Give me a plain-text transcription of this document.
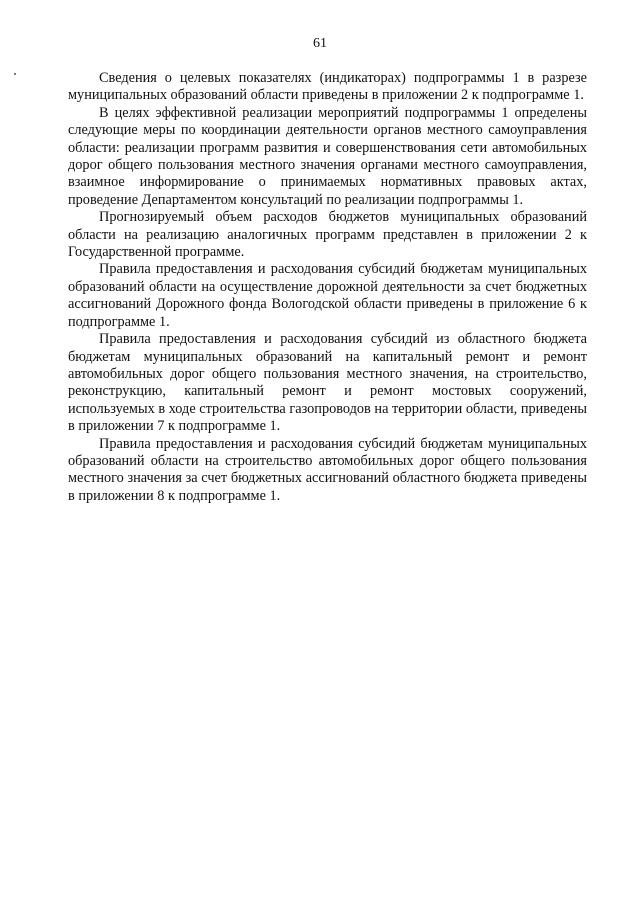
61

Сведения о целевых показателях (индикаторах) подпрограммы 1 в разрезе муниципальных образований области приведены в приложении 2 к подпрограмме 1.

В целях эффективной реализации мероприятий подпрограммы 1 определены следующие меры по координации деятельности органов местного самоуправления области: реализации программ развития и совершенствования сети автомобильных дорог общего пользования местного значения органами местного самоуправления, взаимное информирование о принимаемых нормативных правовых актах, проведение Департаментом консультаций по реализации подпрограммы 1.

Прогнозируемый объем расходов бюджетов муниципальных образований области на реализацию аналогичных программ представлен в приложении 2 к Государственной программе.

Правила предоставления и расходования субсидий бюджетам муниципальных образований области на осуществление дорожной деятельности за счет бюджетных ассигнований Дорожного фонда Вологодской области приведены в приложение 6 к подпрограмме 1.

Правила предоставления и расходования субсидий из областного бюджета бюджетам муниципальных образований на капитальный ремонт и ремонт автомобильных дорог общего пользования местного значения, на строительство, реконструкцию, капитальный ремонт и ремонт мостовых сооружений, используемых в ходе строительства газопроводов на территории области, приведены в приложении 7 к подпрограмме 1.

Правила предоставления и расходования субсидий бюджетам муниципальных образований области на строительство автомобильных дорог общего пользования местного значения за счет бюджетных ассигнований областного бюджета приведены в приложении 8 к подпрограмме 1.
